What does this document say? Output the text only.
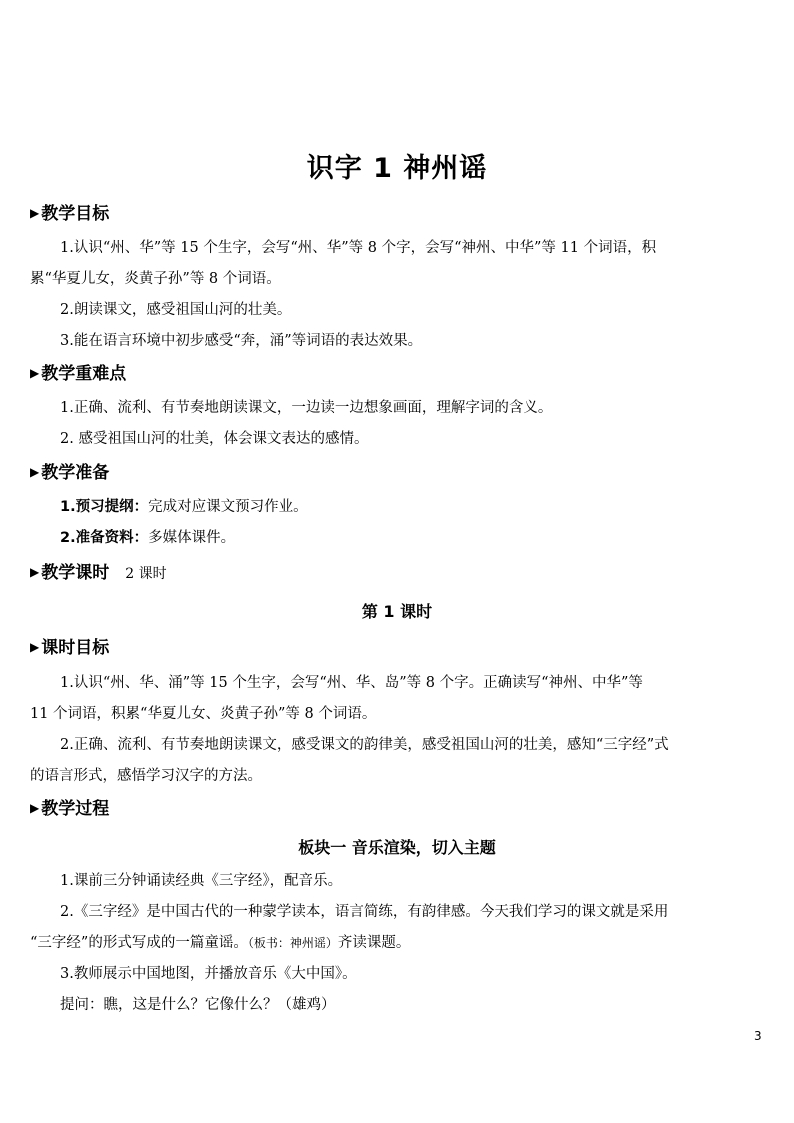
识字 1 神州谣
▶ 教学目标
1.认识“州、华”等 15 个生字，会写“州、华”等 8 个字，会写“神州、中华”等 11 个词语，积
累“华夏儿女，炎黄子孙”等 8 个词语。
2.朗读课文，感受祖国山河的壮美。
3.能在语言环境中初步感受“奔，涌”等词语的表达效果。
▶ 教学重难点
1.正确、流利、有节奏地朗读课文，一边读一边想象画面，理解字词的含义。
2. 感受祖国山河的壮美，体会课文表达的感情。
▶ 教学准备
1.预习提纲：完成对应课文预习作业。
2.准备资料：多媒体课件。
▶ 教学课时 2 课时
第 1 课时
▶ 课时目标
1.认识“州、华、涌”等 15 个生字，会写“州、华、岛”等 8 个字。正确读写“神州、中华”等
11 个词语，积累“华夏儿女、炎黄子孙”等 8 个词语。
2.正确、流利、有节奏地朗读课文，感受课文的韵律美，感受祖国山河的壮美，感知“三字经”式
的语言形式，感悟学习汉字的方法。
▶ 教学过程
板块一 音乐渲染，切入主题
1.课前三分钟诵读经典《三字经》，配音乐。
2.《三字经》是中国古代的一种蒙学读本，语言简练，有韵律感。今天我们学习的课文就是采用
“三字经”的形式写成的一篇童谣。（板书：神州谣）齐读课题。
3.教师展示中国地图，并播放音乐《大中国》。
提问：瞧，这是什么？它像什么？（雄鸡）
3
